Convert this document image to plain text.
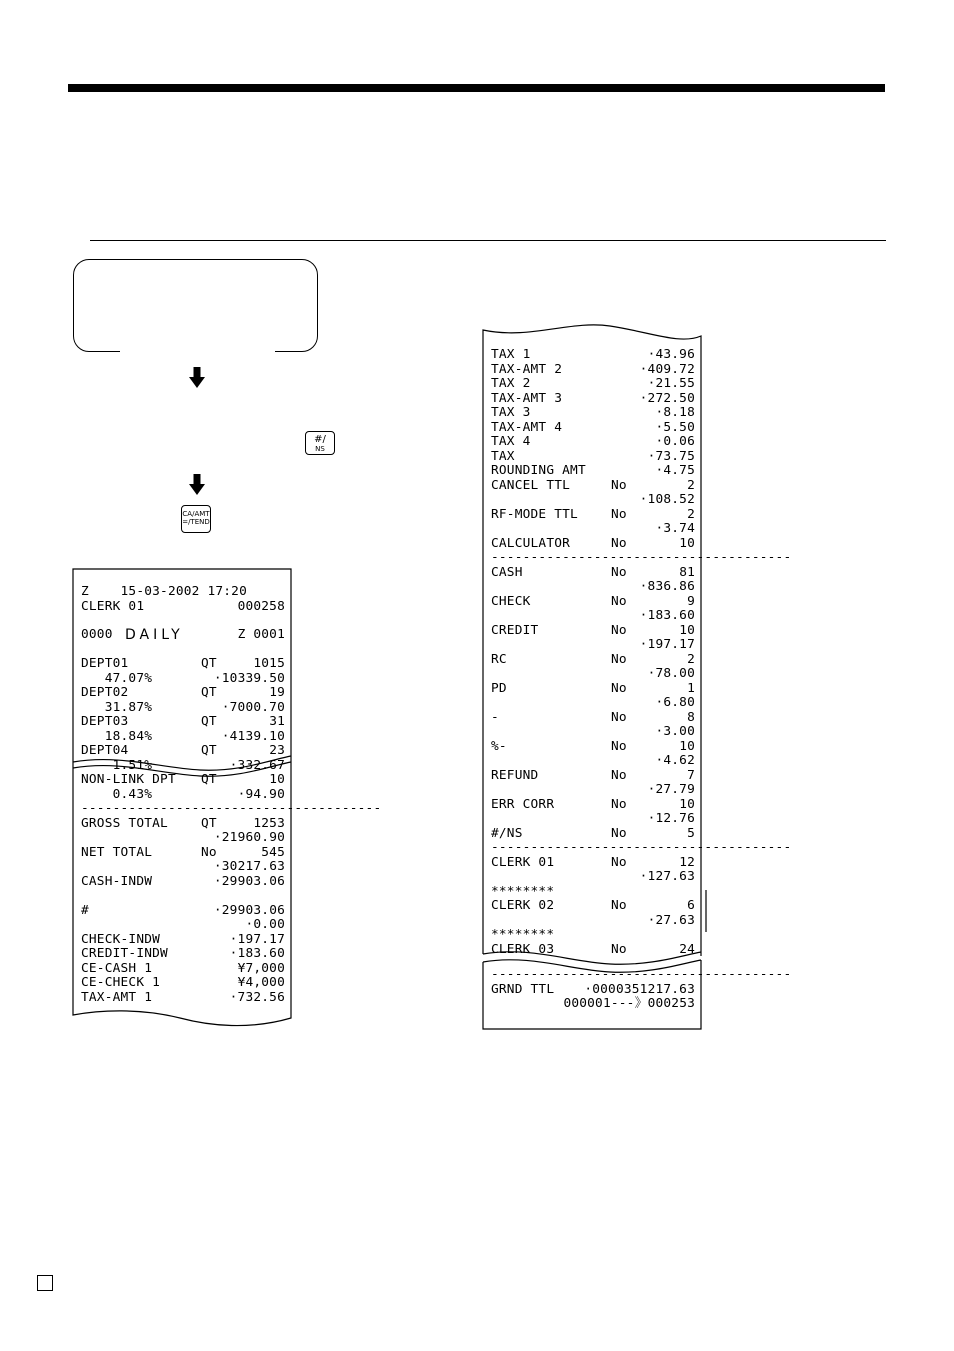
#/
NS
CA/AMT
=/TEND
Z    15-03-2002 17:20
CLERK 01	000258
0000 DAILY	Z 0001
DEPT01	QT	1015
47.07%	·10339.50
DEPT02	QT	19
31.87%	·7000.70
DEPT03	QT	31
18.84%	·4139.10
DEPT04	QT	23
1.51%	·332.67
NON-LINK DPT QT	10
0.43%	·94.90
--------------------------------------
GROSS TOTAL	QT	1253
·21960.90
NET TOTAL	No	545
·30217.63
CASH-INDW	·29903.06
#	·29903.06
·0.00
CHECK-INDW	·197.17
CREDIT-INDW	·183.60
CE-CASH 1	¥7,000
CE-CHECK 1	¥4,000
TAX-AMT 1	·732.56
TAX 1	·43.96
TAX-AMT 2	·409.72
TAX 2	·21.55
TAX-AMT 3	·272.50
TAX 3	·8.18
TAX-AMT 4	·5.50
TAX 4	·0.06
TAX	·73.75
ROUNDING AMT	·4.75
CANCEL TTL	No	2
·108.52
RF-MODE TTL	No	2
·3.74
CALCULATOR	No	10
--------------------------------------
CASH	No	81
·836.86
CHECK	No	9
·183.60
CREDIT	No	10
·197.17
RC	No	2
·78.00
PD	No	1
·6.80
-	No	8
·3.00
%-	No	10
·4.62
REFUND	No	7
·27.79
ERR CORR	No	10
·12.76
#/NS	No	5
--------------------------------------
CLERK 01	No	12
·127.63
********
CLERK 02	No	6
·27.63
********
CLERK 03	No	24
--------------------------------------
GRND TTL ·0000351217.63
000001---》000253
